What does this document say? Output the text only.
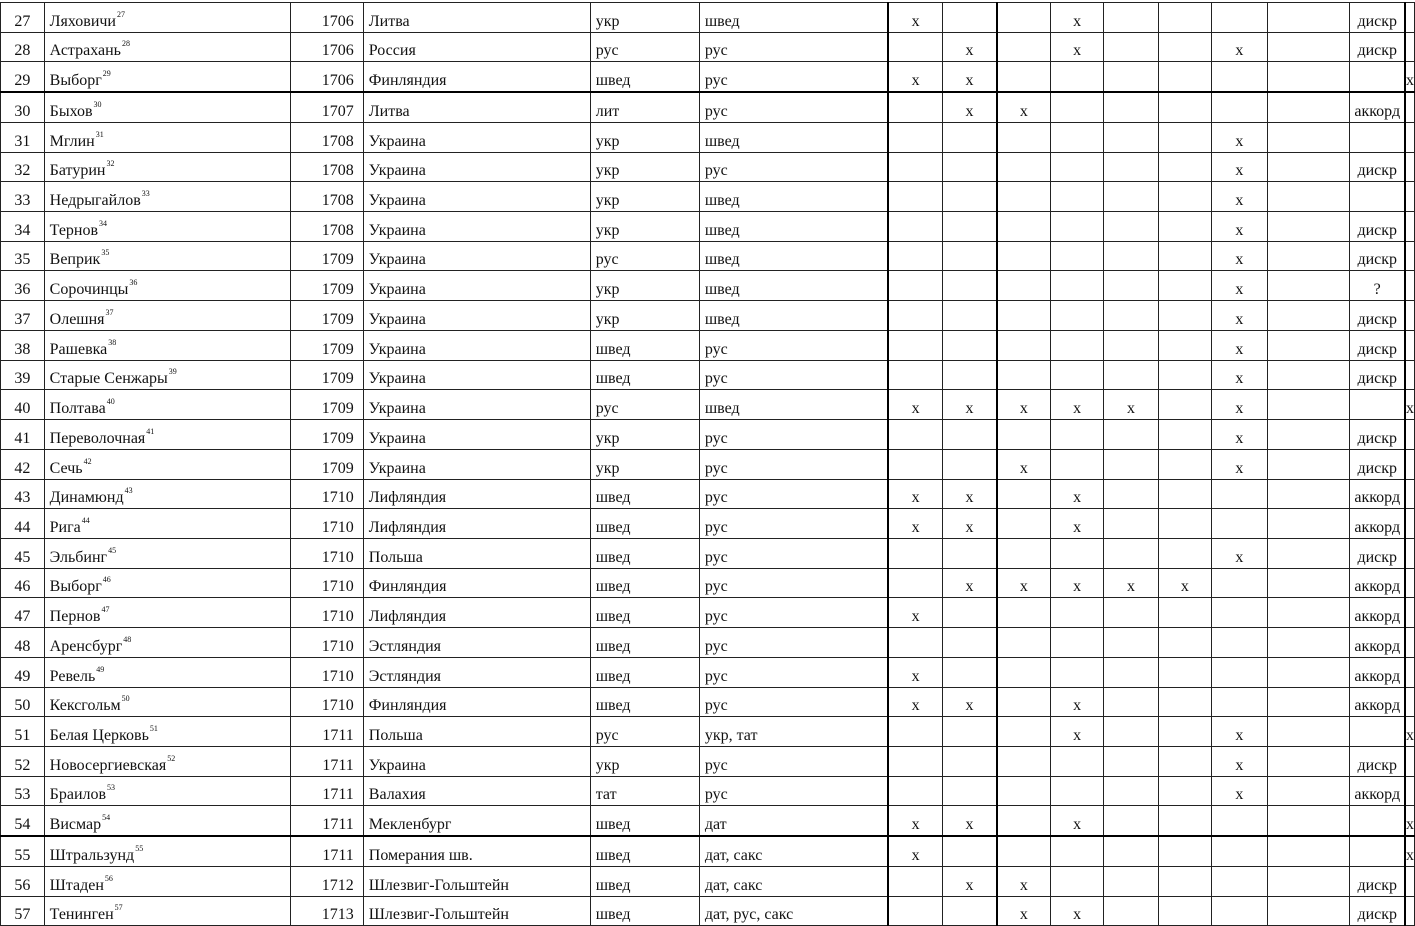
27	Ляховичи$^{27}$	1706	Литва	укр	швед	x			x					дискр	
28	Астрахань$^{28}$	1706	Россия	рус	рус		x		x			x		дискр	
29	Выборг$^{29}$	1706	Финляндия	швед	рус	x	x								x
30	Быхов$^{30}$	1707	Литва	лит	рус		x	x						аккорд	
31	Мглин$^{31}$	1708	Украина	укр	швед							x			
32	Батурин$^{32}$	1708	Украина	укр	рус							x		дискр	
33	Недрыгайлов$^{33}$	1708	Украина	укр	швед							x			
34	Тернов$^{34}$	1708	Украина	укр	швед							x		дискр	
35	Веприк$^{35}$	1709	Украина	рус	швед							x		дискр	
36	Сорочинцы$^{36}$	1709	Украина	укр	швед							x		?	
37	Олешня$^{37}$	1709	Украина	укр	швед							x		дискр	
38	Рашевка$^{38}$	1709	Украина	швед	рус							x		дискр	
39	Старые Сенжары$^{39}$	1709	Украина	швед	рус							x		дискр	
40	Полтава$^{40}$	1709	Украина	рус	швед	x	x	x	x	x		x			x
41	Переволочная$^{41}$	1709	Украина	укр	рус							x		дискр	
42	Сечь$^{42}$	1709	Украина	укр	рус			x				x		дискр	
43	Динамюнд$^{43}$	1710	Лифляндия	швед	рус	x	x		x					аккорд	
44	Рига$^{44}$	1710	Лифляндия	швед	рус	x	x		x					аккорд	
45	Эльбинг$^{45}$	1710	Польша	швед	рус							x		дискр	
46	Выборг$^{46}$	1710	Финляндия	швед	рус		x	x	x	x	x			аккорд	
47	Пернов$^{47}$	1710	Лифляндия	швед	рус	x								аккорд	
48	Аренсбург$^{48}$	1710	Эстляндия	швед	рус									аккорд	
49	Ревель$^{49}$	1710	Эстляндия	швед	рус	x								аккорд	
50	Кексгольм$^{50}$	1710	Финляндия	швед	рус	x	x		x					аккорд	
51	Белая Церковь$^{51}$	1711	Польша	рус	укр, тат				x			x			x
52	Новосергиевская$^{52}$	1711	Украина	укр	рус							x		дискр	
53	Браилов$^{53}$	1711	Валахия	тат	рус							x		аккорд	
54	Висмар$^{54}$	1711	Мекленбург	швед	дат	x	x		x						x
55	Штральзунд$^{55}$	1711	Померания шв.	швед	дат, сакс	x									x
56	Штаден$^{56}$	1712	Шлезвиг-Гольштейн	швед	дат, сакс		x	x						дискр	
57	Тенинген$^{57}$	1713	Шлезвиг-Гольштейн	швед	дат, рус, сакс			x	x					дискр	
